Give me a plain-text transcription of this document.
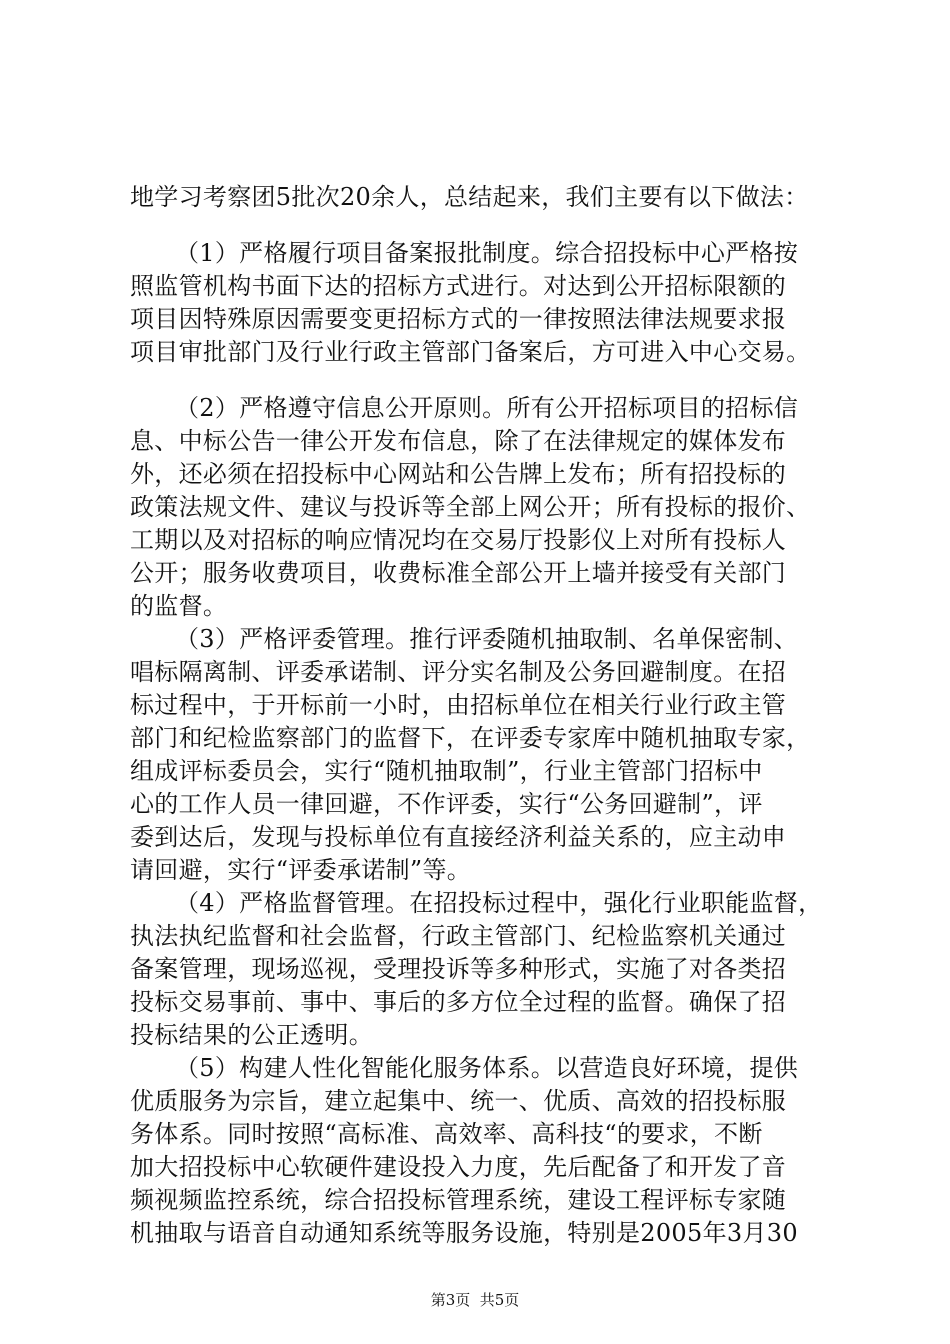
地学习考察团5批次20余人，总结起来，我们主要有以下做法：

（1）严格履行项目备案报批制度。综合招投标中心严格按

照监管机构书面下达的招标方式进行。对达到公开招标限额的

项目因特殊原因需要变更招标方式的一律按照法律法规要求报

项目审批部门及行业行政主管部门备案后，方可进入中心交易。

（2）严格遵守信息公开原则。所有公开招标项目的招标信

息、中标公告一律公开发布信息，除了在法律规定的媒体发布

外，还必须在招投标中心网站和公告牌上发布；所有招投标的

政策法规文件、建议与投诉等全部上网公开；所有投标的报价、

工期以及对招标的响应情况均在交易厅投影仪上对所有投标人

公开；服务收费项目，收费标准全部公开上墙并接受有关部门

的监督。

（3）严格评委管理。推行评委随机抽取制、名单保密制、

唱标隔离制、评委承诺制、评分实名制及公务回避制度。在招

标过程中，于开标前一小时，由招标单位在相关行业行政主管

部门和纪检监察部门的监督下，在评委专家库中随机抽取专家，

组成评标委员会，实行“随机抽取制”，行业主管部门招标中

心的工作人员一律回避，不作评委，实行“公务回避制”，评

委到达后，发现与投标单位有直接经济利益关系的，应主动申

请回避，实行“评委承诺制”等。

（4）严格监督管理。在招投标过程中，强化行业职能监督，

执法执纪监督和社会监督，行政主管部门、纪检监察机关通过

备案管理，现场巡视，受理投诉等多种形式，实施了对各类招

投标交易事前、事中、事后的多方位全过程的监督。确保了招

投标结果的公正透明。

（5）构建人性化智能化服务体系。以营造良好环境，提供

优质服务为宗旨，建立起集中、统一、优质、高效的招投标服

务体系。同时按照“高标准、高效率、高科技“的要求，不断

加大招投标中心软硬件建设投入力度，先后配备了和开发了音

频视频监控系统，综合招投标管理系统，建设工程评标专家随

机抽取与语音自动通知系统等服务设施，特别是2005年3月30

第3页  共5页
